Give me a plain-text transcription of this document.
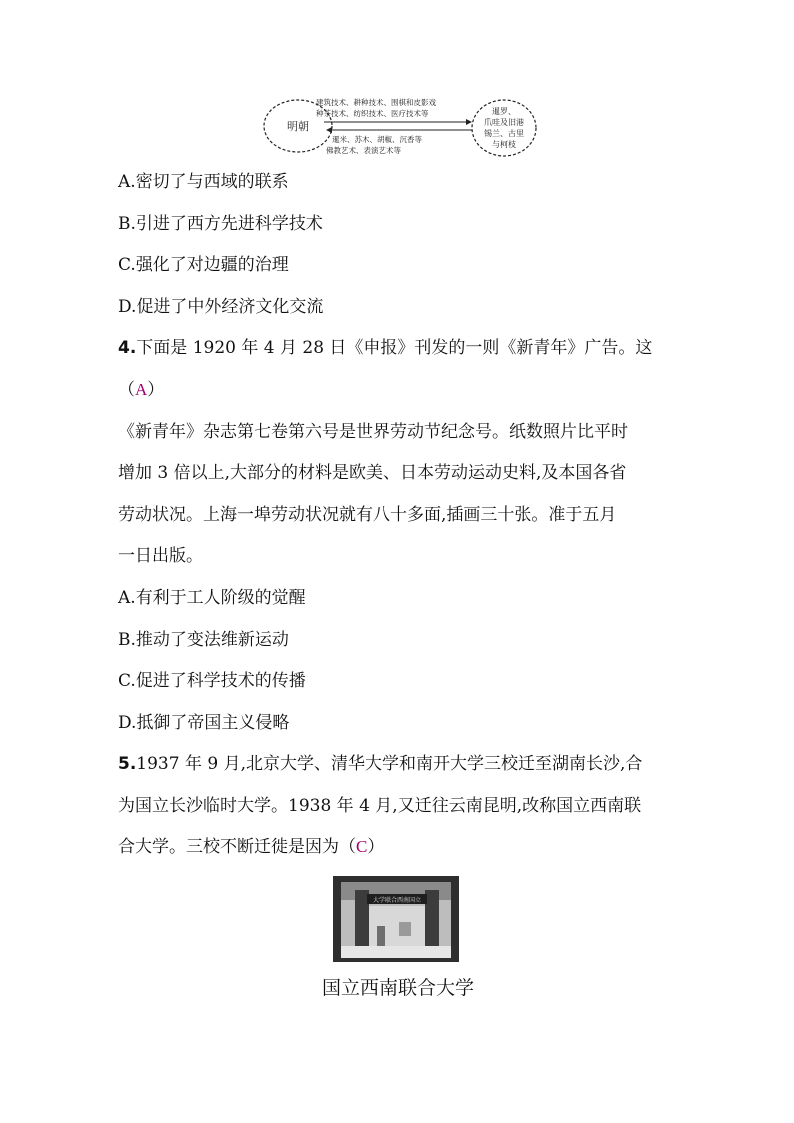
明朝
暹罗、
爪哇及旧港
锡兰、古里
与柯枝
建筑技术、耕种技术、围棋和皮影戏
种茶技术、纺织技术、医疗技术等
暹米、苏木、胡椒、沉香等
佛教艺术、表演艺术等
A.密切了与西域的联系
B.引进了西方先进科学技术
C.强化了对边疆的治理
D.促进了中外经济文化交流
4.下面是 1920 年 4 月 28 日《申报》刊发的一则《新青年》广告。这
（A）
《新青年》杂志第七卷第六号是世界劳动节纪念号。纸数照片比平时
增加 3 倍以上,大部分的材料是欧美、日本劳动运动史料,及本国各省
劳动状况。上海一埠劳动状况就有八十多面,插画三十张。准于五月
一日出版。
A.有利于工人阶级的觉醒
B.推动了变法维新运动
C.促进了科学技术的传播
D.抵御了帝国主义侵略
5.1937 年 9 月,北京大学、清华大学和南开大学三校迁至湖南长沙,合
为国立长沙临时大学。1938 年 4 月,又迁往云南昆明,改称国立西南联
合大学。三校不断迁徙是因为（C）
大学联合西南国立
国立西南联合大学
